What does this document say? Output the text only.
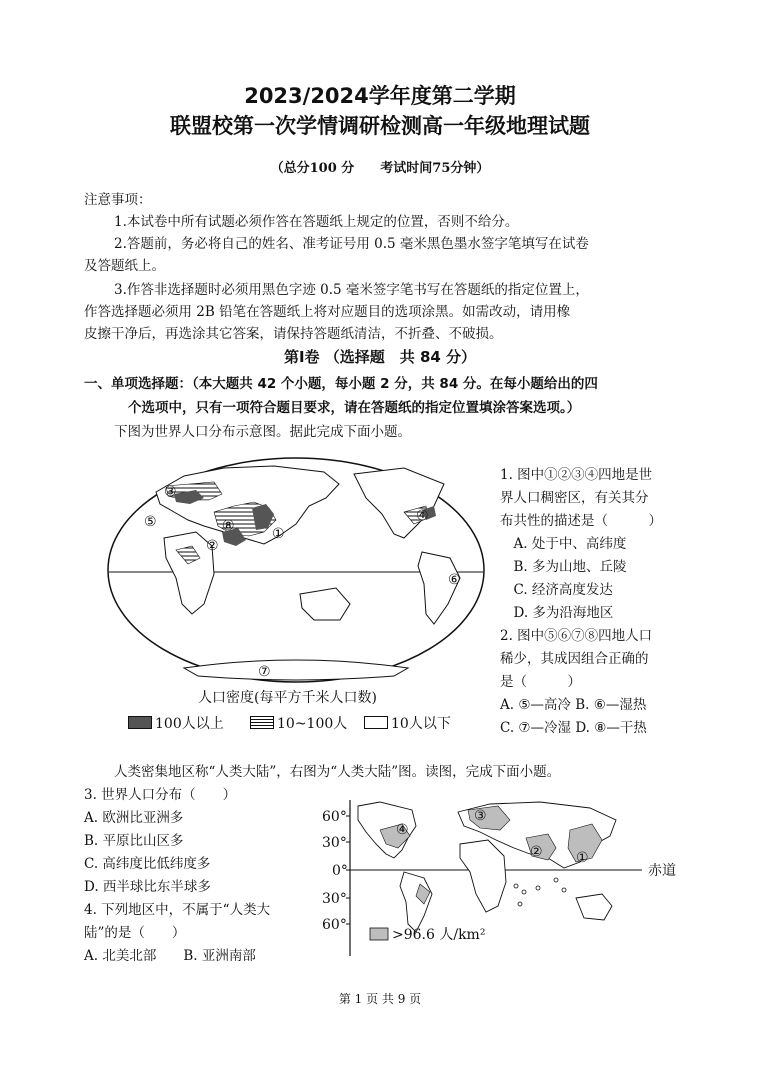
2023/2024学年度第二学期
联盟校第一次学情调研检测高一年级地理试题
（总分100 分　　考试时间75分钟）
注意事项：
1.本试卷中所有试题必须作答在答题纸上规定的位置，否则不给分。
2.答题前，务必将自己的姓名、准考证号用 0.5 毫米黑色墨水签字笔填写在试卷
及答题纸上。
3.作答非选择题时必须用黑色字迹 0.5 毫米签字笔书写在答题纸的指定位置上，
作答选择题必须用 2B 铅笔在答题纸上将对应题目的选项涂黑。如需改动，请用橡
皮擦干净后，再选涂其它答案，请保持答题纸清洁，不折叠、不破损。
第Ⅰ卷 （选择题　共 84 分）
一、单项选择题：（本大题共 42 个小题，每小题 2 分，共 84 分。在每小题给出的四
个选项中，只有一项符合题目要求，请在答题纸的指定位置填涂答案选项。）
下图为世界人口分布示意图。据此完成下面小题。
①
②
③
④
⑤
⑥
⑦
⑧
人口密度(每平方千米人口数)
100人以上	10~100人	10人以下
1. 图中①②③④四地是世
界人口稠密区，有关其分
布共性的描述是（　　　）
　A. 处于中、高纬度
　B. 多为山地、丘陵
　C. 经济高度发达
　D. 多为沿海地区
2. 图中⑤⑥⑦⑧四地人口
稀少，其成因组合正确的
是（　　　）
A. ⑤—高冷 B. ⑥—湿热
C. ⑦—冷湿 D. ⑧—干热
人类密集地区称“人类大陆”，右图为“人类大陆”图。读图，完成下面小题。
3. 世界人口分布（　　）
A. 欧洲比亚洲多
B. 平原比山区多
C. 高纬度比低纬度多
D. 西半球比东半球多
4. 下列地区中，不属于“人类大
陆”的是（　　）
A. 北美北部　　B. 亚洲南部
60°
30°
0°
30°
60°
赤道
①
②
③
④
>96.6 人/km²
第 1 页 共 9 页
